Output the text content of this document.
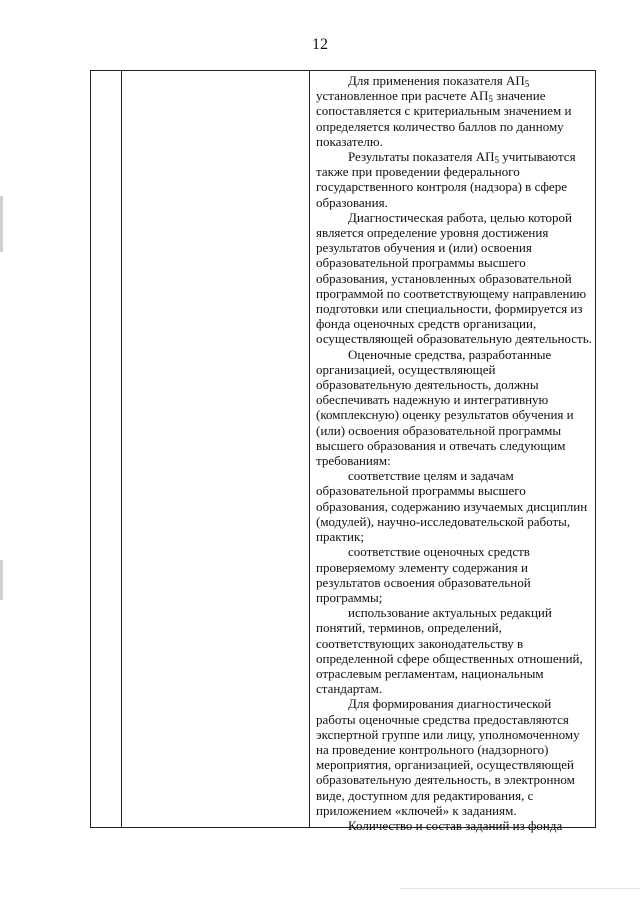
12

Для применения показателя $АП_5$ установленное при расчете $АП_5$ значение сопоставляется с критериальным значением и определяется количество баллов по данному показателю.

Результаты показателя $АП_5$ учитываются также при проведении федерального государственного контроля (надзора) в сфере образования.

Диагностическая работа, целью которой является определение уровня достижения результатов обучения и (или) освоения образовательной программы высшего образования, установленных образовательной программой по соответствующему направлению подготовки или специальности, формируется из фонда оценочных средств организации, осуществляющей образовательную деятельность.

Оценочные средства, разработанные организацией, осуществляющей образовательную деятельность, должны обеспечивать надежную и интегративную (комплексную) оценку результатов обучения и (или) освоения образовательной программы высшего образования и отвечать следующим требованиям:

соответствие целям и задачам образовательной программы высшего образования, содержанию изучаемых дисциплин (модулей), научно-исследовательской работы, практик;

соответствие оценочных средств проверяемому элементу содержания и результатов освоения образовательной программы;

использование актуальных редакций понятий, терминов, определений, соответствующих законодательству в определенной сфере общественных отношений, отраслевым регламентам, национальным стандартам.

Для формирования диагностической работы оценочные средства предоставляются экспертной группе или лицу, уполномоченному на проведение контрольного (надзорного) мероприятия, организацией, осуществляющей образовательную деятельность, в электронном виде, доступном для редактирования, с приложением «ключей» к заданиям.

Количество и состав заданий из фонда
